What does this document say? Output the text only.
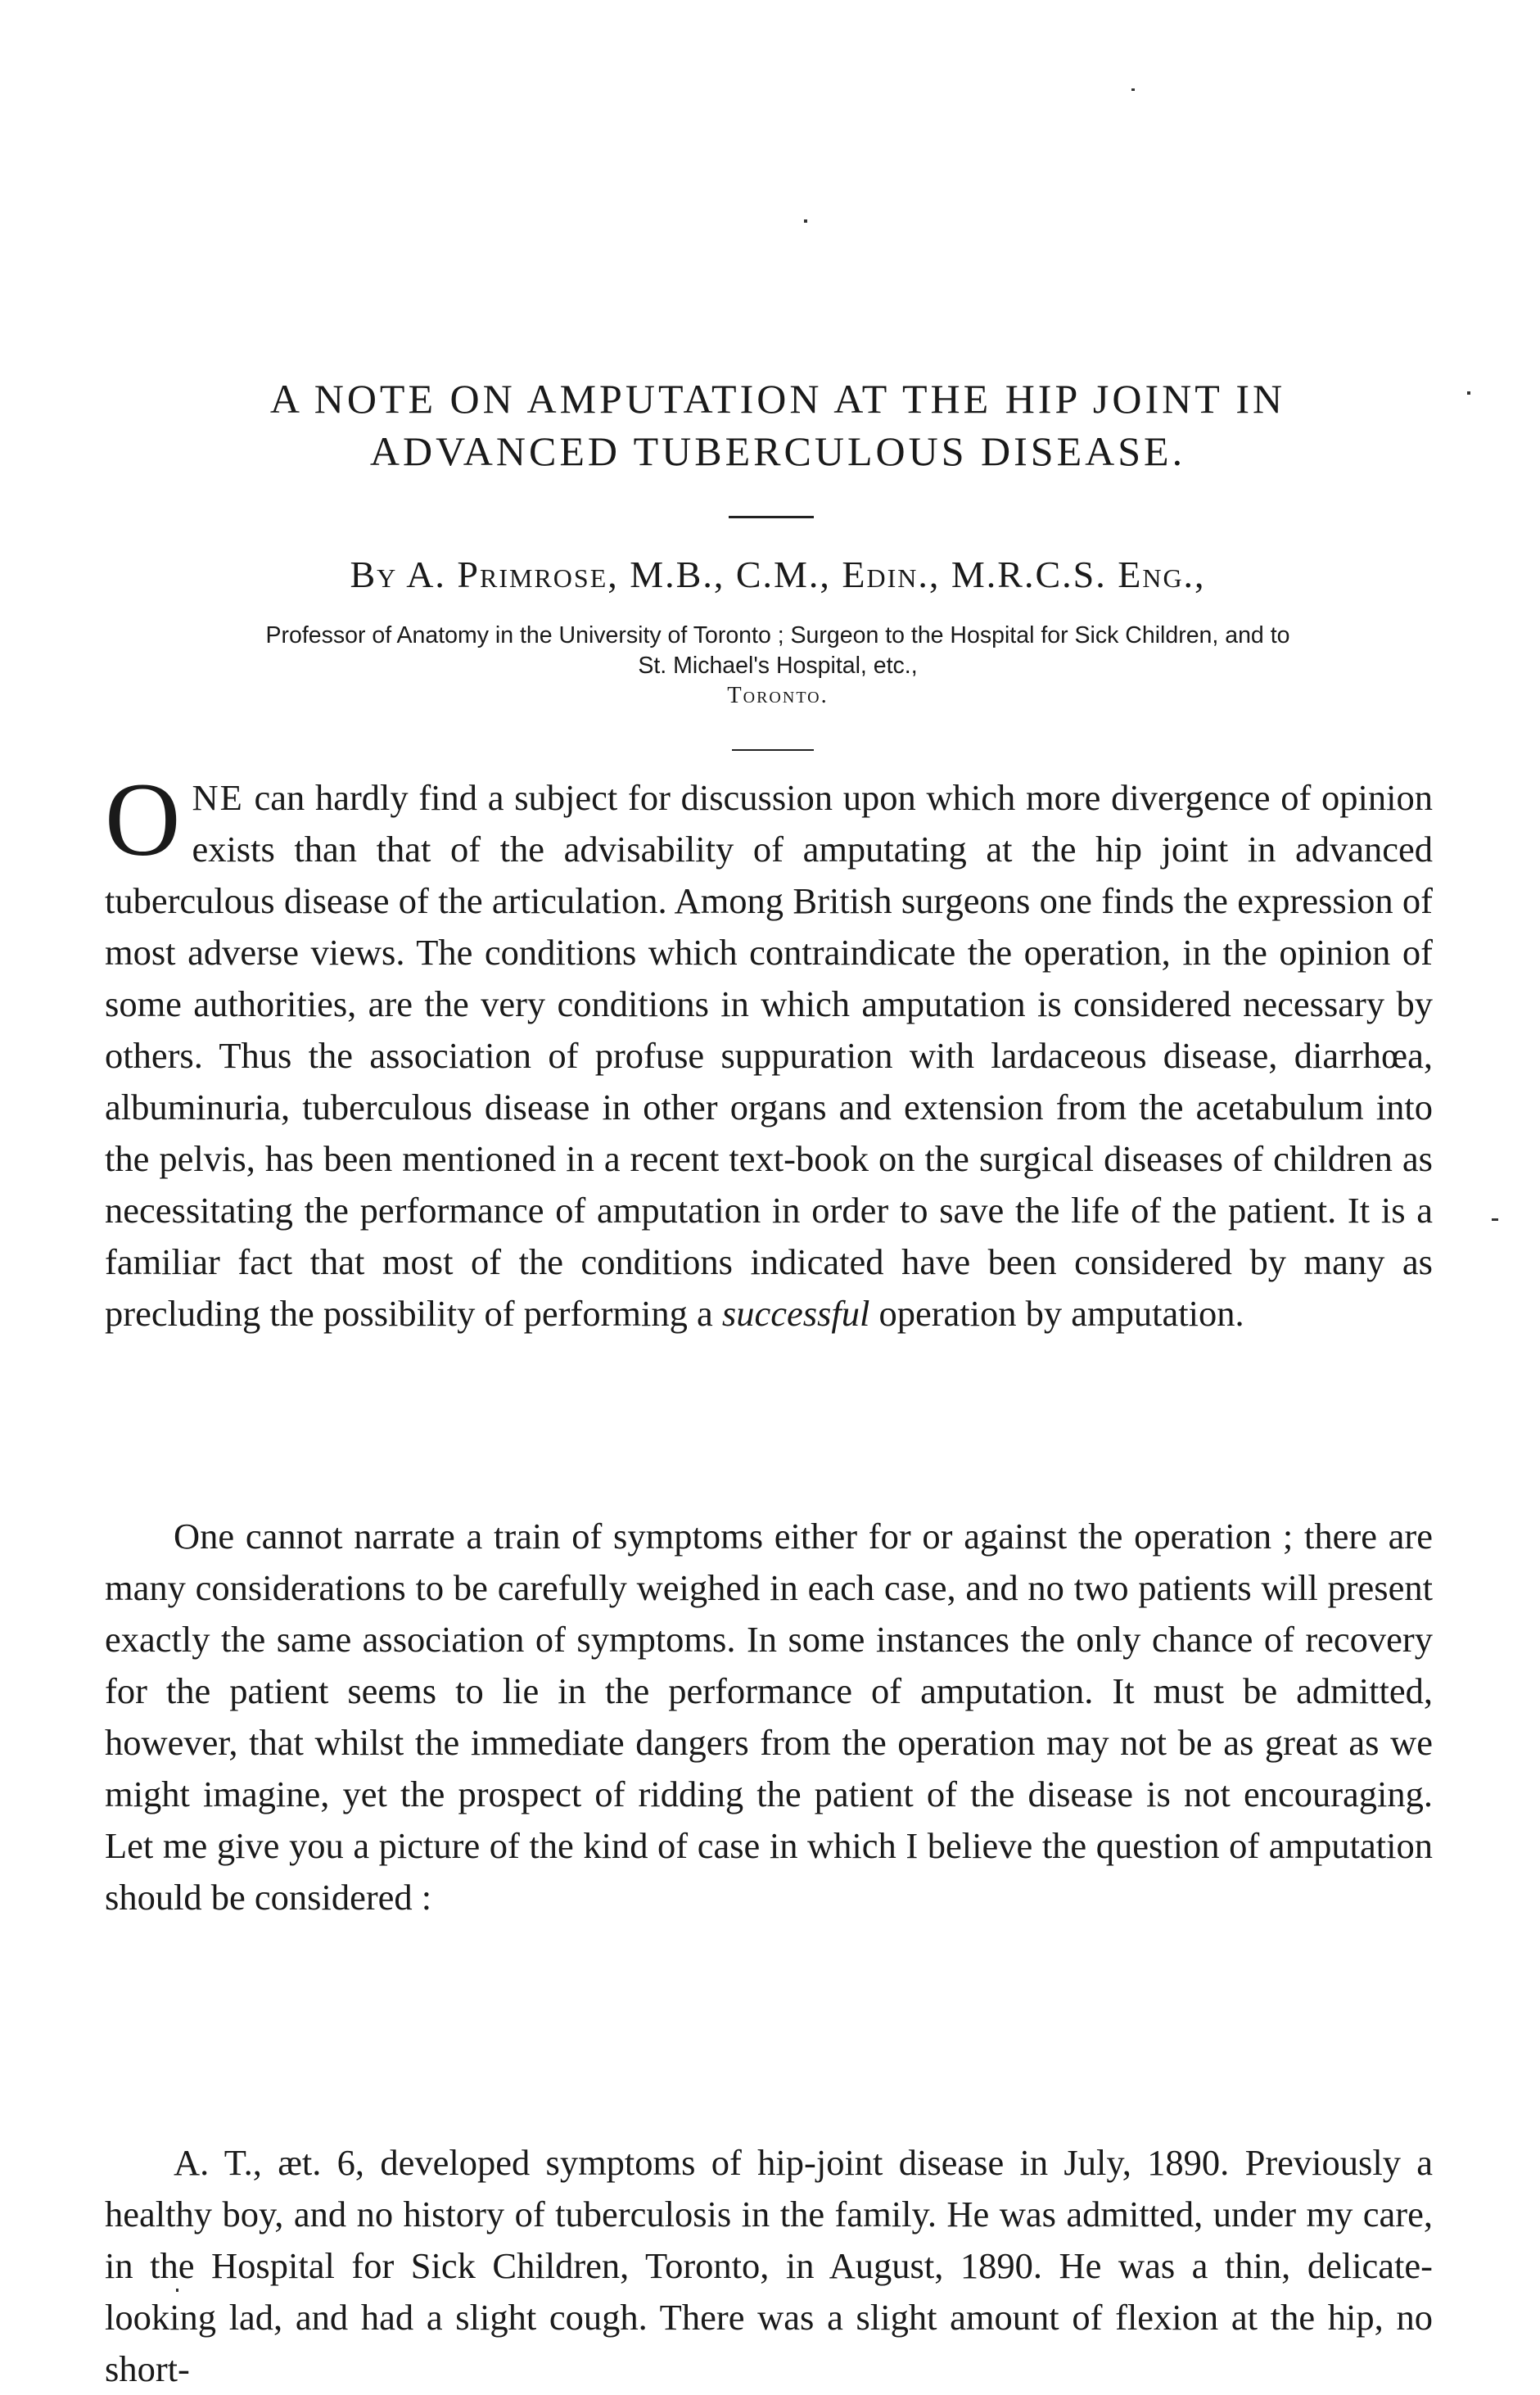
A NOTE ON AMPUTATION AT THE HIP JOINT IN
ADVANCED TUBERCULOUS DISEASE.
By A. Primrose, M.B., C.M., Edin., M.R.C.S. Eng.,
Professor of Anatomy in the University of Toronto ; Surgeon to the Hospital for Sick Children, and to
St. Michael's Hospital, etc.,
Toronto.

ONE can hardly find a subject for discussion upon which more divergence of opinion exists than that of the advisability of amputating at the hip joint in advanced tuberculous disease of the articulation. Among British surgeons one finds the expression of most adverse views. The conditions which contraindicate the operation, in the opinion of some authorities, are the very conditions in which amputation is considered necessary by others. Thus the association of profuse suppuration with lardaceous disease, diarrhœa, albuminuria, tuberculous disease in other organs and extension from the acetabulum into the pelvis, has been mentioned in a recent text-book on the surgical diseases of children as necessitating the performance of amputation in order to save the life of the patient. It is a familiar fact that most of the conditions indicated have been considered by many as precluding the possibility of performing a successful operation by amputation.

One cannot narrate a train of symptoms either for or against the operation ; there are many considerations to be carefully weighed in each case, and no two patients will present exactly the same association of symptoms. In some instances the only chance of recovery for the patient seems to lie in the performance of amputation. It must be admitted, however, that whilst the immediate dangers from the operation may not be as great as we might imagine, yet the prospect of ridding the patient of the disease is not encouraging. Let me give you a picture of the kind of case in which I believe the question of amputation should be considered :

A. T., æt. 6, developed symptoms of hip-joint disease in July, 1890. Previously a healthy boy, and no history of tuberculosis in the family. He was admitted, under my care, in the Hospital for Sick Children, Toronto, in August, 1890. He was a thin, delicate-looking lad, and had a slight cough. There was a slight amount of flexion at the hip, no short-
